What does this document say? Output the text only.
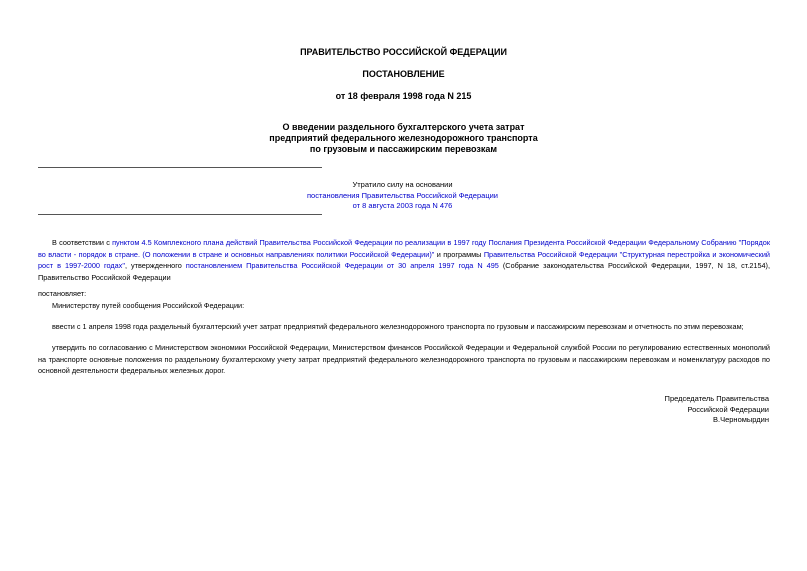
ПРАВИТЕЛЬСТВО РОССИЙСКОЙ ФЕДЕРАЦИИ
ПОСТАНОВЛЕНИЕ
от 18 февраля 1998 года N 215
О введении раздельного бухгалтерского учета затрат
предприятий федерального железнодорожного транспорта
по грузовым и пассажирским перевозкам
Утратило силу на основании
постановления Правительства Российской Федерации
от 8 августа 2003 года N 476
В соответствии с пунктом 4.5 Комплексного плана действий Правительства Российской Федерации по реализации в 1997 году Послания Президента Российской Федерации Федеральному Собранию "Порядок во власти - порядок в стране. (О положении в стране и основных направлениях политики Российской Федерации)" и программы Правительства Российской Федерации "Структурная перестройка и экономический рост в 1997-2000 годах", утвержденного постановлением Правительства Российской Федерации от 30 апреля 1997 года N 495 (Собрание законодательства Российской Федерации, 1997, N 18, ст.2154), Правительство Российской Федерации
постановляет:
Министерству путей сообщения Российской Федерации:
ввести с 1 апреля 1998 года раздельный бухгалтерский учет затрат предприятий федерального железнодорожного транспорта по грузовым и пассажирским перевозкам и отчетность по этим перевозкам;
утвердить по согласованию с Министерством экономики Российской Федерации, Министерством финансов Российской Федерации и Федеральной службой России по регулированию естественных монополий на транспорте основные положения по раздельному бухгалтерскому учету затрат предприятий федерального железнодорожного транспорта по грузовым и пассажирским перевозкам и номенклатуру расходов по основной деятельности федеральных железных дорог.
Председатель Правительства
Российской Федерации
В.Черномырдин
